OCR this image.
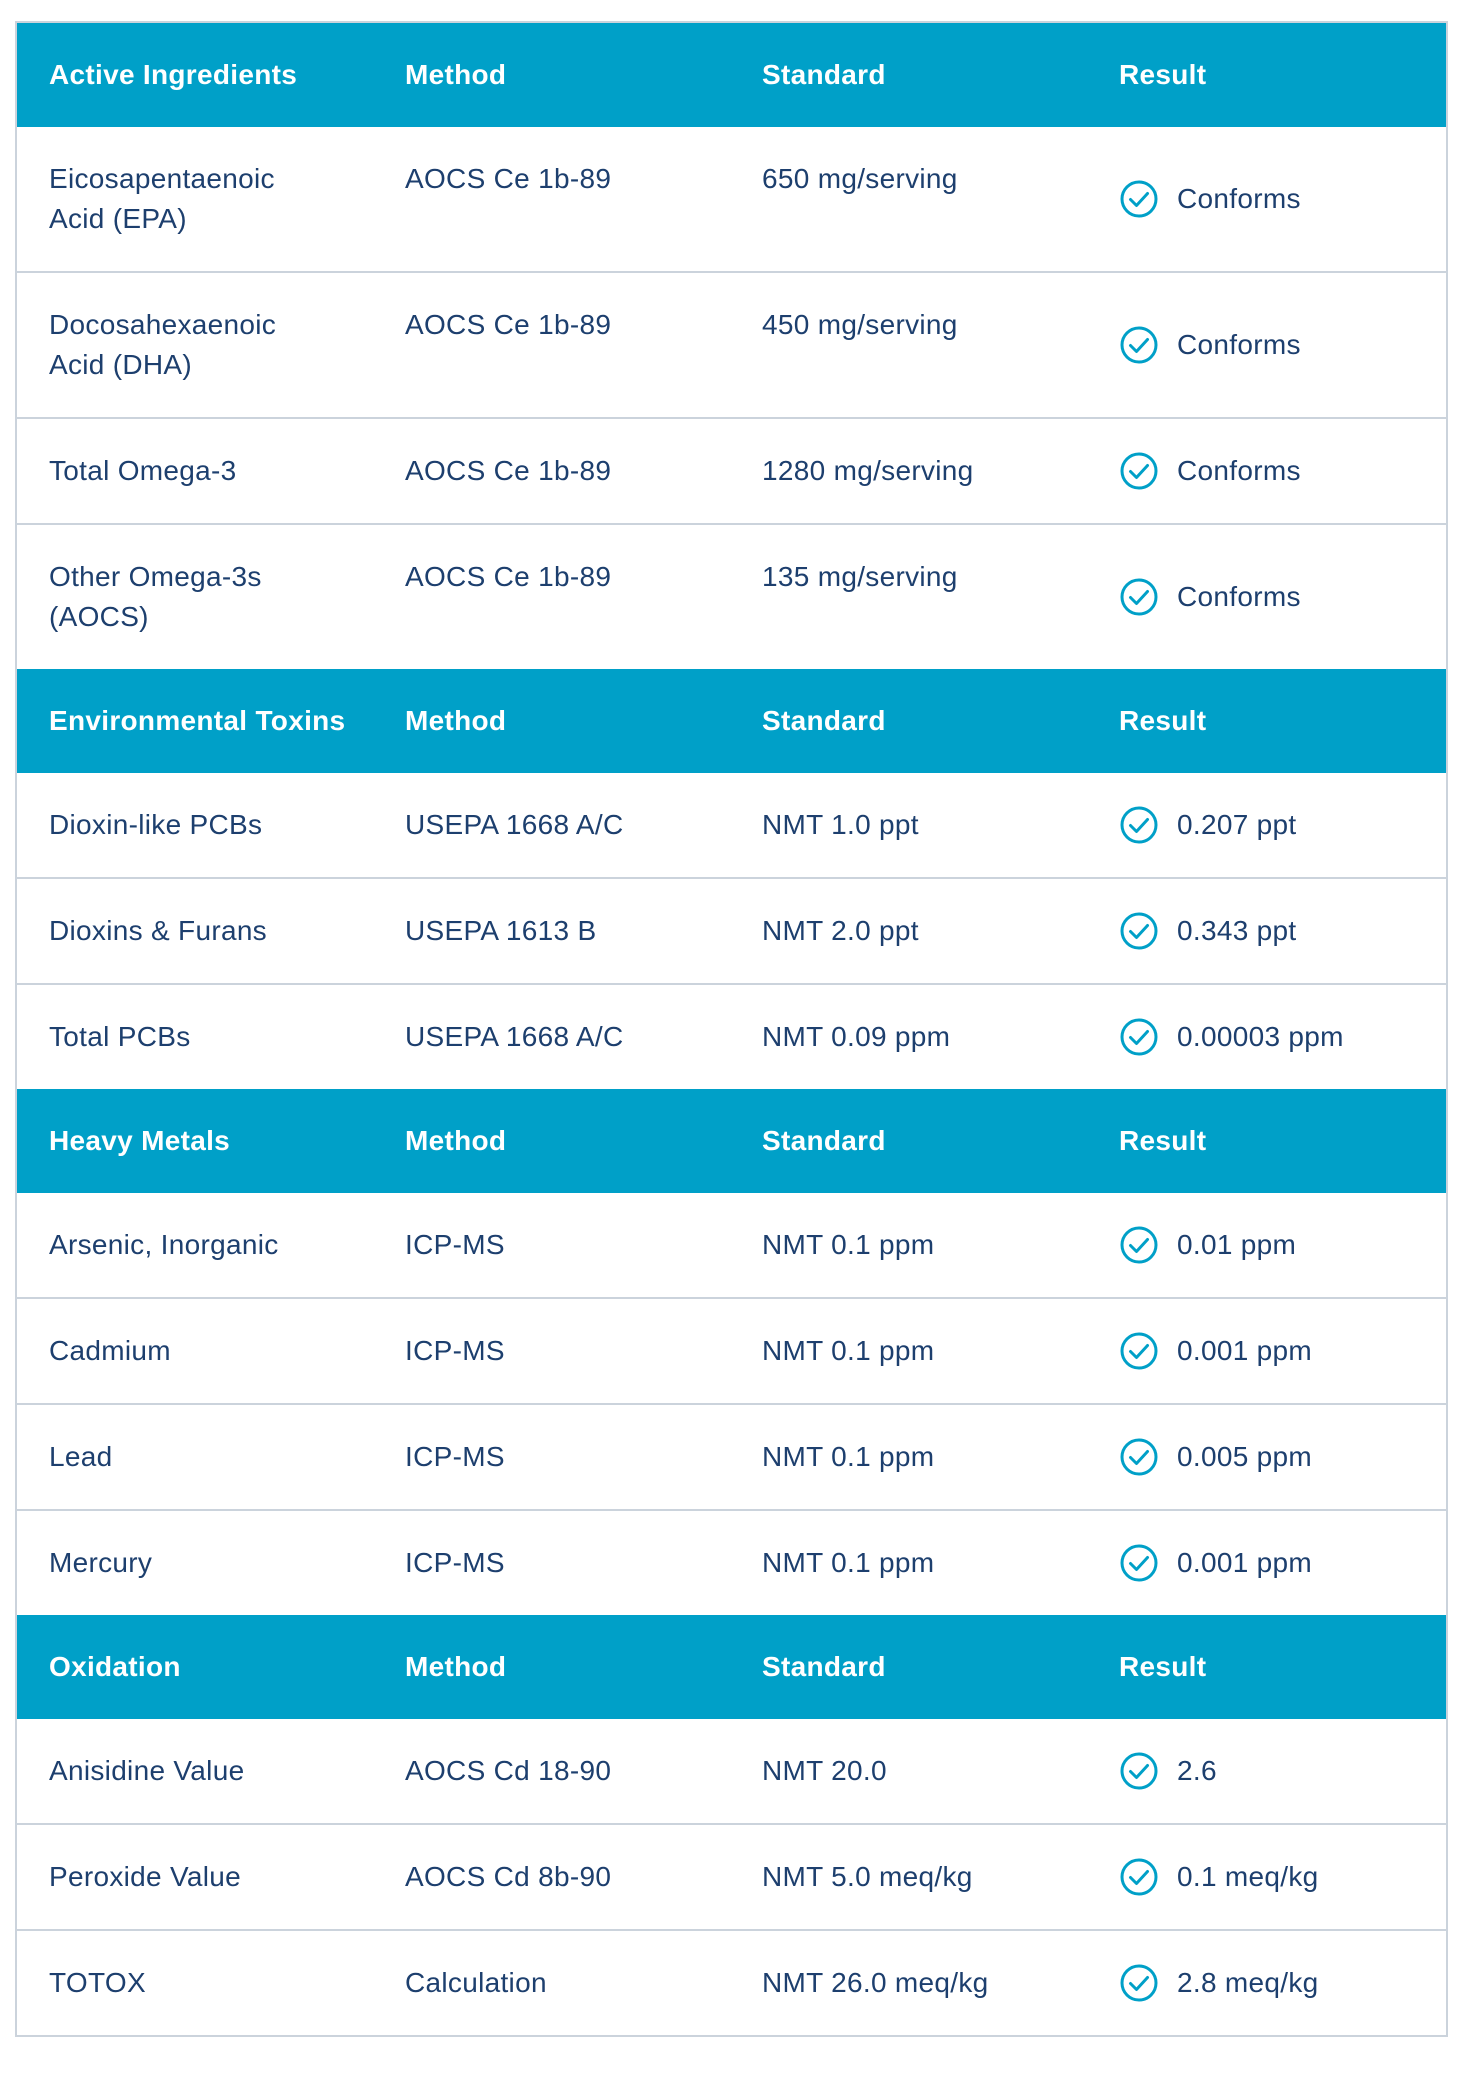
Active Ingredients	Method	Standard	Result
Eicosapentaenoic Acid (EPA)	AOCS Ce 1b-89	650 mg/serving	Conforms

Docosahexaenoic Acid (DHA)	AOCS Ce 1b-89	450 mg/serving	Conforms

Total Omega-3	AOCS Ce 1b-89	1280 mg/serving	Conforms

Other Omega-3s (AOCS)	AOCS Ce 1b-89	135 mg/serving	Conforms

Environmental Toxins	Method	Standard	Result
Dioxin-like PCBs	USEPA 1668 A/C	NMT 1.0 ppt	0.207 ppt

Dioxins & Furans	USEPA 1613 B	NMT 2.0 ppt	0.343 ppt

Total PCBs	USEPA 1668 A/C	NMT 0.09 ppm	0.00003 ppm

Heavy Metals	Method	Standard	Result
Arsenic, Inorganic	ICP-MS	NMT 0.1 ppm	0.01 ppm

Cadmium	ICP-MS	NMT 0.1 ppm	0.001 ppm

Lead	ICP-MS	NMT 0.1 ppm	0.005 ppm

Mercury	ICP-MS	NMT 0.1 ppm	0.001 ppm

Oxidation	Method	Standard	Result
Anisidine Value	AOCS Cd 18-90	NMT 20.0	2.6

Peroxide Value	AOCS Cd 8b-90	NMT 5.0 meq/kg	0.1 meq/kg

TOTOX	Calculation	NMT 26.0 meq/kg	2.8 meq/kg
